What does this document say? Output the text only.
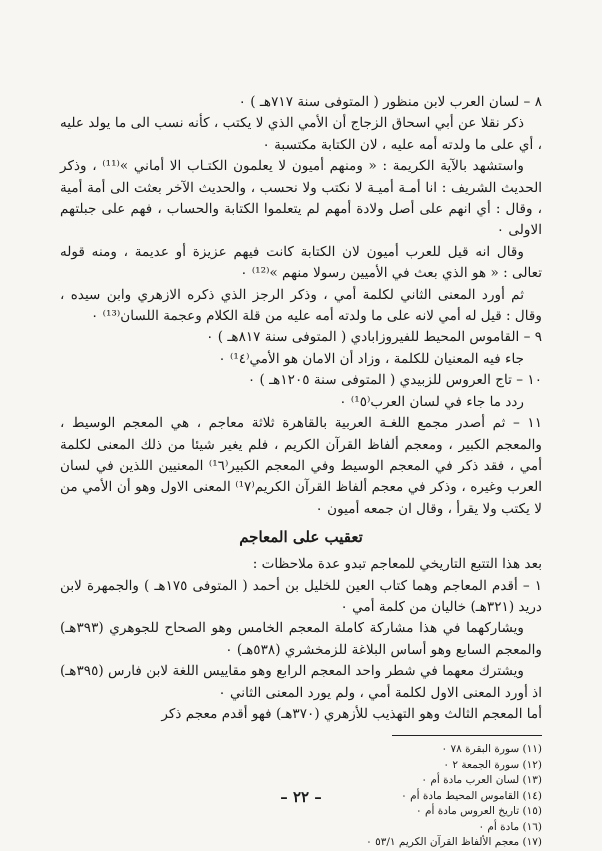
٨ – لسان العرب لابن منظور ( المتوفى سنة ٧١٧هـ ) ٠

ذكر نقلا عن أبي اسحاق الزجاج أن الأمي الذي لا يكتب ، كأنه نسب الى ما يولد عليه ، أي على ما ولدته أمه عليه ، لان الكتابة مكتسبة ٠

واستشهد بالآية الكريمة : « ومنهم أميون لا يعلمون الكتـاب الا أماني »⁽¹¹⁾ ، وذكر الحديث الشريف : انا أمـة أميـة لا نكتب ولا نحسب ، والحديث الآخر بعثت الى أمة أمية ، وقال : أي انهم على أصل ولادة أمهم لم يتعلموا الكتابة والحساب ، فهم على جبلتهم الاولى ٠

وقال انه قيل للعرب أميون لان الكتابة كانت فيهم عزيزة أو عديمة ، ومنه قوله تعالى : « هو الذي بعث في الأميين رسولا منهم »⁽¹²⁾ ٠

ثم أورد المعنى الثاني لكلمة أمي ، وذكر الرجز الذي ذكره الازهري وابن سيده ، وقال : قيل له أمي لانه على ما ولدته أمه عليه من قلة الكلام وعجمة اللسان⁽¹³⁾ ٠

٩ – القاموس المحيط للفيروزابادي ( المتوفى سنة ٨١٧هـ ) ٠

جاء فيه المعنيان للكلمة ، وزاد أن الامان هو الأمي⁽¹٤⁾ ٠

١٠ – تاج العروس للزبيدي ( المتوفى سنة ١٢٠٥هـ ) ٠

ردد ما جاء في لسان العرب⁽¹٥⁾ ٠

١١ – ثم أصدر مجمع اللغـة العربية بالقاهرة ثلاثة معاجم ، هي المعجم الوسيط ، والمعجم الكبير ، ومعجم ألفاظ القرآن الكريم ، فلم يغير شيئا من ذلك المعنى لكلمة أمي ، فقد ذكر في المعجم الوسيط وفي المعجم الكبير⁽¹٦⁾ المعنيين اللذين في لسان العرب وغيره ، وذكر في معجم ألفاظ القرآن الكريم⁽¹٧⁾ المعنى الاول وهو أن الأمي من لا يكتب ولا يقرأ ، وقال ان جمعه أميون ٠

تعقيب على المعاجم

بعد هذا التتبع التاريخي للمعاجم تبدو عدة ملاحظات :

١ – أقدم المعاجم وهما كتاب العين للخليل بن أحمد ( المتوفى ١٧٥هـ ) والجمهرة لابن دريد (٣٢١هـ) خاليان من كلمة أمي ٠

ويشاركهما في هذا مشاركة كاملة المعجم الخامس وهو الصحاح للجوهري (٣٩٣هـ) والمعجم السابع وهو أساس البلاغة للزمخشري (٥٣٨هـ) ٠

ويشترك معهما في شطر واحد المعجم الرابع وهو مقاييس اللغة لابن فارس (٣٩٥هـ) اذ أورد المعنى الاول لكلمة أمي ، ولم يورد المعنى الثاني ٠

أما المعجم الثالث وهو التهذيب للأزهري (٣٧٠هـ) فهو أقدم معجم ذكر

(١١) سورة البقرة ٧٨ ٠
(١٢) سورة الجمعة ٢ ٠
(١٣) لسان العرب مادة أم ٠
(١٤) القاموس المحيط مادة أم ٠
(١٥) تاريخ العروس مادة أم ٠
(١٦) مادة أم ٠
(١٧) معجم الألفاظ القرآن الكريم ٥٣/١ ٠
– ٢٢ –
